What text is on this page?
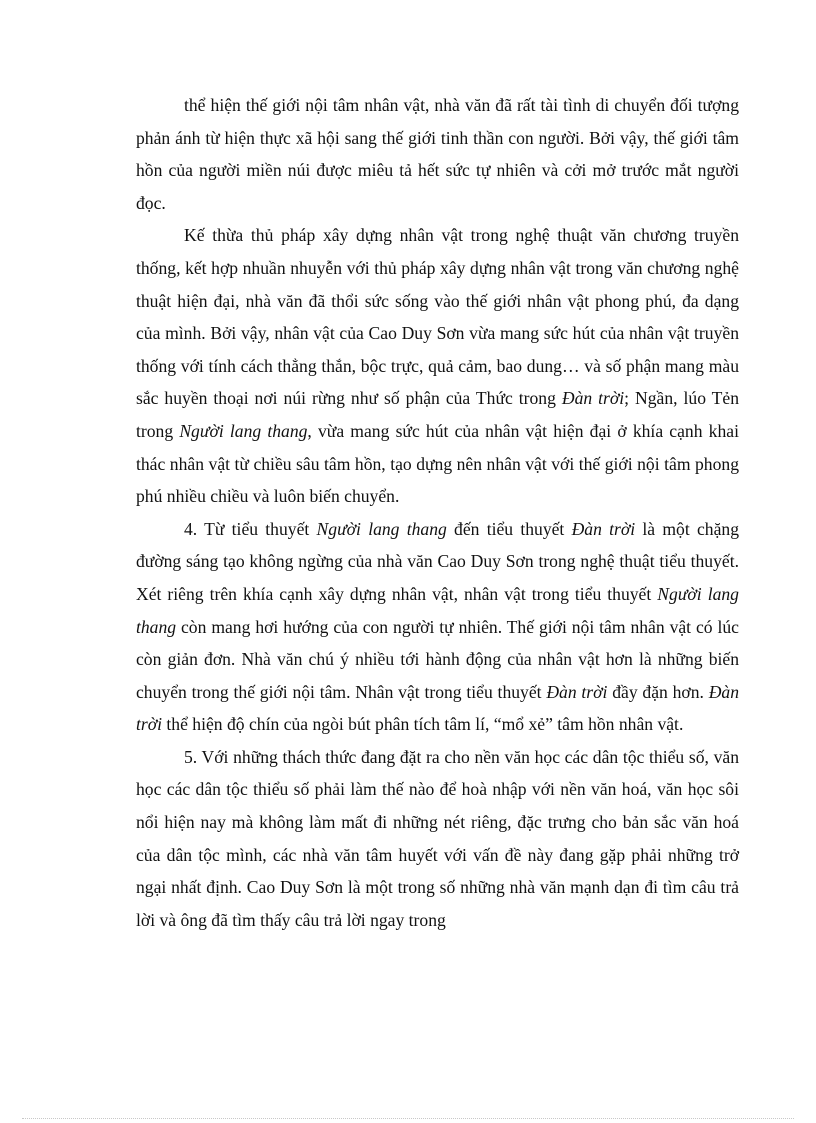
thể hiện thế giới nội tâm nhân vật, nhà văn đã rất tài tình di chuyển đối tượng phản ánh từ hiện thực xã hội sang thế giới tinh thần con người. Bởi vậy, thế giới tâm hồn của người miền núi được miêu tả hết sức tự nhiên và cởi mở trước mắt người đọc.

Kế thừa thủ pháp xây dựng nhân vật trong nghệ thuật văn chương truyền thống, kết hợp nhuần nhuyễn với thủ pháp xây dựng nhân vật trong văn chương nghệ thuật hiện đại, nhà văn đã thổi sức sống vào thế giới nhân vật phong phú, đa dạng của mình. Bởi vậy, nhân vật của Cao Duy Sơn vừa mang sức hút của nhân vật truyền thống với tính cách thẳng thắn, bộc trực, quả cảm, bao dung… và số phận mang màu sắc huyền thoại nơi núi rừng như số phận của Thức trong Đàn trời; Ngần, lúo Tẻn trong Người lang thang, vừa mang sức hút của nhân vật hiện đại ở khía cạnh khai thác nhân vật từ chiều sâu tâm hồn, tạo dựng nên nhân vật với thế giới nội tâm phong phú nhiều chiều và luôn biến chuyển.

4. Từ tiểu thuyết Người lang thang đến tiểu thuyết Đàn trời là một chặng đường sáng tạo không ngừng của nhà văn Cao Duy Sơn trong nghệ thuật tiểu thuyết. Xét riêng trên khía cạnh xây dựng nhân vật, nhân vật trong tiểu thuyết Người lang thang còn mang hơi hướng của con người tự nhiên. Thế giới nội tâm nhân vật có lúc còn giản đơn. Nhà văn chú ý nhiều tới hành động của nhân vật hơn là những biến chuyển trong thế giới nội tâm. Nhân vật trong tiểu thuyết Đàn trời đầy đặn hơn. Đàn trời thể hiện độ chín của ngòi bút phân tích tâm lí, “mổ xẻ” tâm hồn nhân vật.

5. Với những thách thức đang đặt ra cho nền văn học các dân tộc thiểu số, văn học các dân tộc thiểu số phải làm thế nào để hoà nhập với nền văn hoá, văn học sôi nổi hiện nay mà không làm mất đi những nét riêng, đặc trưng cho bản sắc văn hoá của dân tộc mình, các nhà văn tâm huyết với vấn đề này đang gặp phải những trở ngại nhất định. Cao Duy Sơn là một trong số những nhà văn mạnh dạn đi tìm câu trả lời và ông đã tìm thấy câu trả lời ngay trong
